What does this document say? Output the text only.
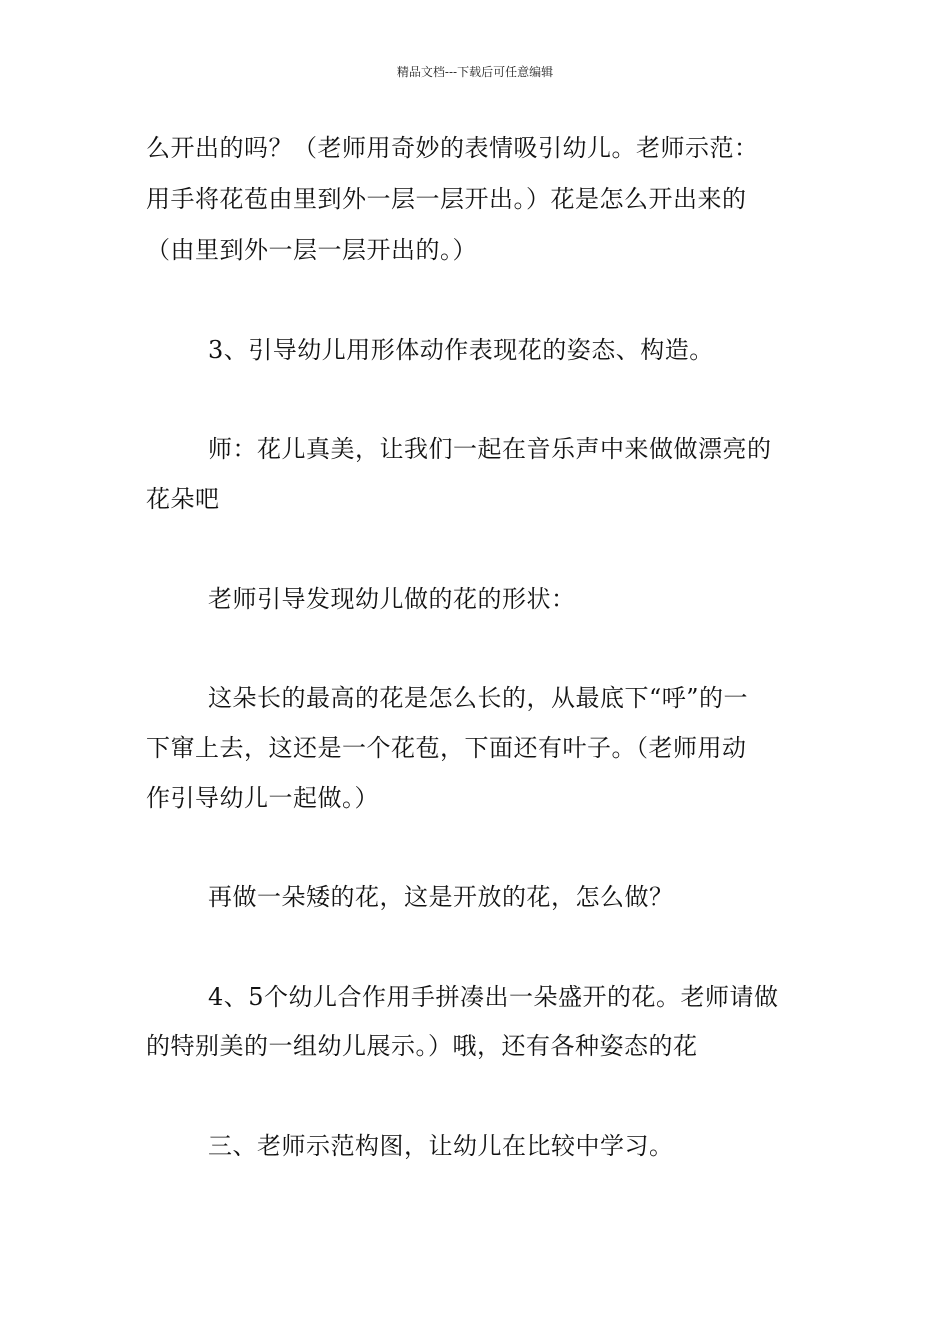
精品文档---下载后可任意编辑
么开出的吗？（老师用奇妙的表情吸引幼儿。老师示范：
用手将花苞由里到外一层一层开出。）花是怎么开出来的
（由里到外一层一层开出的。）
3、引导幼儿用形体动作表现花的姿态、构造。
师：花儿真美，让我们一起在音乐声中来做做漂亮的
花朵吧
老师引导发现幼儿做的花的形状：
这朵长的最高的花是怎么长的，从最底下“呼”的一
下窜上去，这还是一个花苞，下面还有叶子。（老师用动
作引导幼儿一起做。）
再做一朵矮的花，这是开放的花，怎么做？
4、5个幼儿合作用手拼凑出一朵盛开的花。老师请做
的特别美的一组幼儿展示。）哦，还有各种姿态的花
三、老师示范构图，让幼儿在比较中学习。
